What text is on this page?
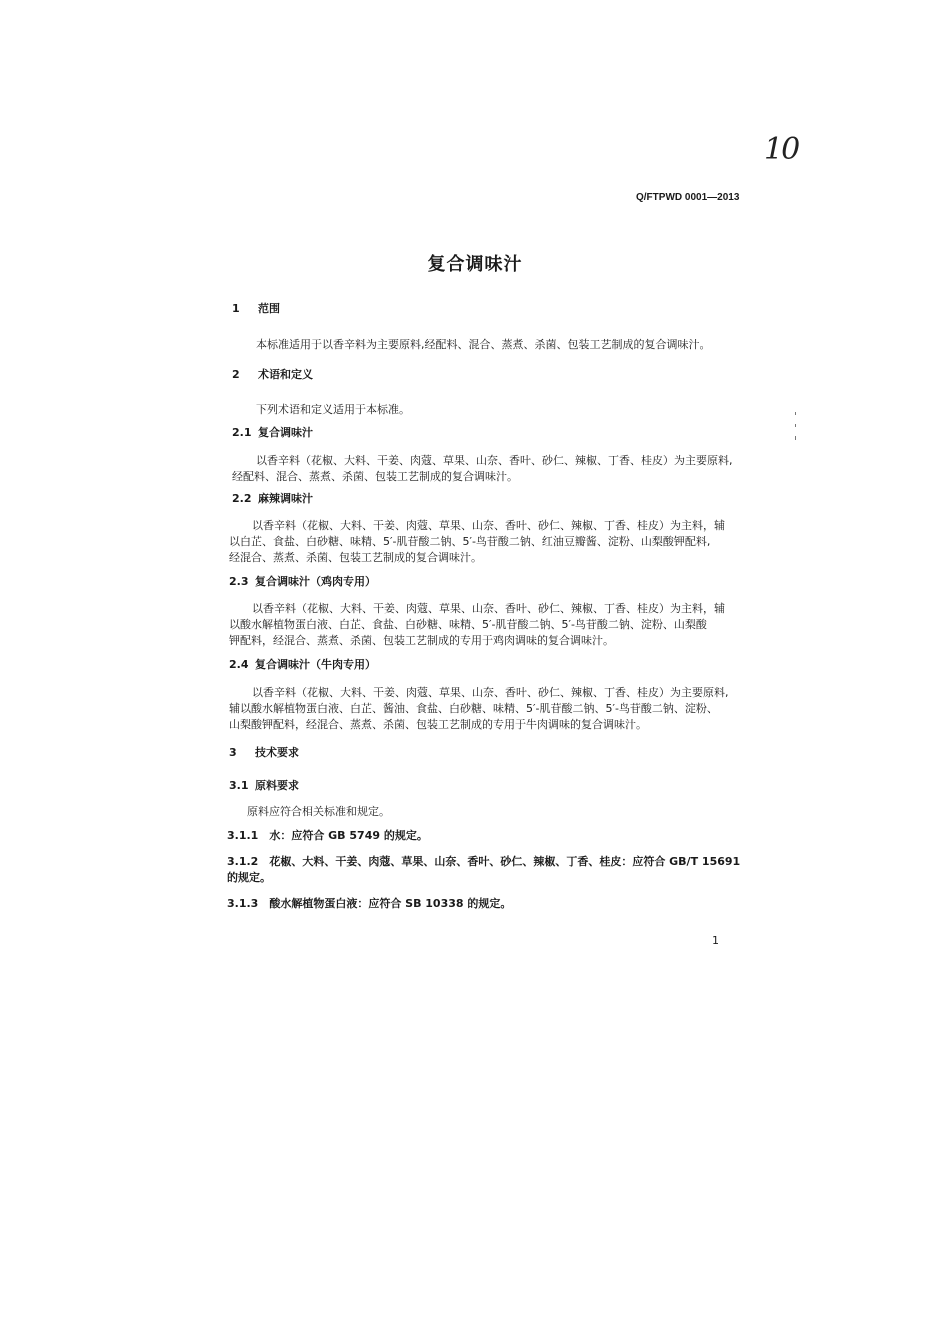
10
Q/FTPWD 0001—2013
复合调味汁
1 范围
本标准适用于以香辛料为主要原料,经配料、混合、蒸煮、杀菌、包装工艺制成的复合调味汁。
2 术语和定义
下列术语和定义适用于本标准。
2.1 复合调味汁
以香辛料（花椒、大料、干姜、肉蔻、草果、山奈、香叶、砂仁、辣椒、丁香、桂皮）为主要原料,
经配料、混合、蒸煮、杀菌、包装工艺制成的复合调味汁。
2.2 麻辣调味汁
以香辛料（花椒、大料、干姜、肉蔻、草果、山奈、香叶、砂仁、辣椒、丁香、桂皮）为主料，辅
以白芷、食盐、白砂糖、味精、5′-肌苷酸二钠、5′-鸟苷酸二钠、红油豆瓣酱、淀粉、山梨酸钾配料,
经混合、蒸煮、杀菌、包装工艺制成的复合调味汁。
2.3 复合调味汁（鸡肉专用）
以香辛料（花椒、大料、干姜、肉蔻、草果、山奈、香叶、砂仁、辣椒、丁香、桂皮）为主料，辅
以酸水解植物蛋白液、白芷、食盐、白砂糖、味精、5′-肌苷酸二钠、5′-鸟苷酸二钠、淀粉、山梨酸
钾配料，经混合、蒸煮、杀菌、包装工艺制成的专用于鸡肉调味的复合调味汁。
2.4 复合调味汁（牛肉专用）
以香辛料（花椒、大料、干姜、肉蔻、草果、山奈、香叶、砂仁、辣椒、丁香、桂皮）为主要原料,
辅以酸水解植物蛋白液、白芷、酱油、食盐、白砂糖、味精、5′-肌苷酸二钠、5′-鸟苷酸二钠、淀粉、
山梨酸钾配料，经混合、蒸煮、杀菌、包装工艺制成的专用于牛肉调味的复合调味汁。
3 技术要求
3.1 原料要求
原料应符合相关标准和规定。
3.1.1　水：应符合 GB 5749 的规定。
3.1.2　花椒、大料、干姜、肉蔻、草果、山奈、香叶、砂仁、辣椒、丁香、桂皮：应符合 GB/T 15691
的规定。
3.1.3　酸水解植物蛋白液：应符合 SB 10338 的规定。
1
